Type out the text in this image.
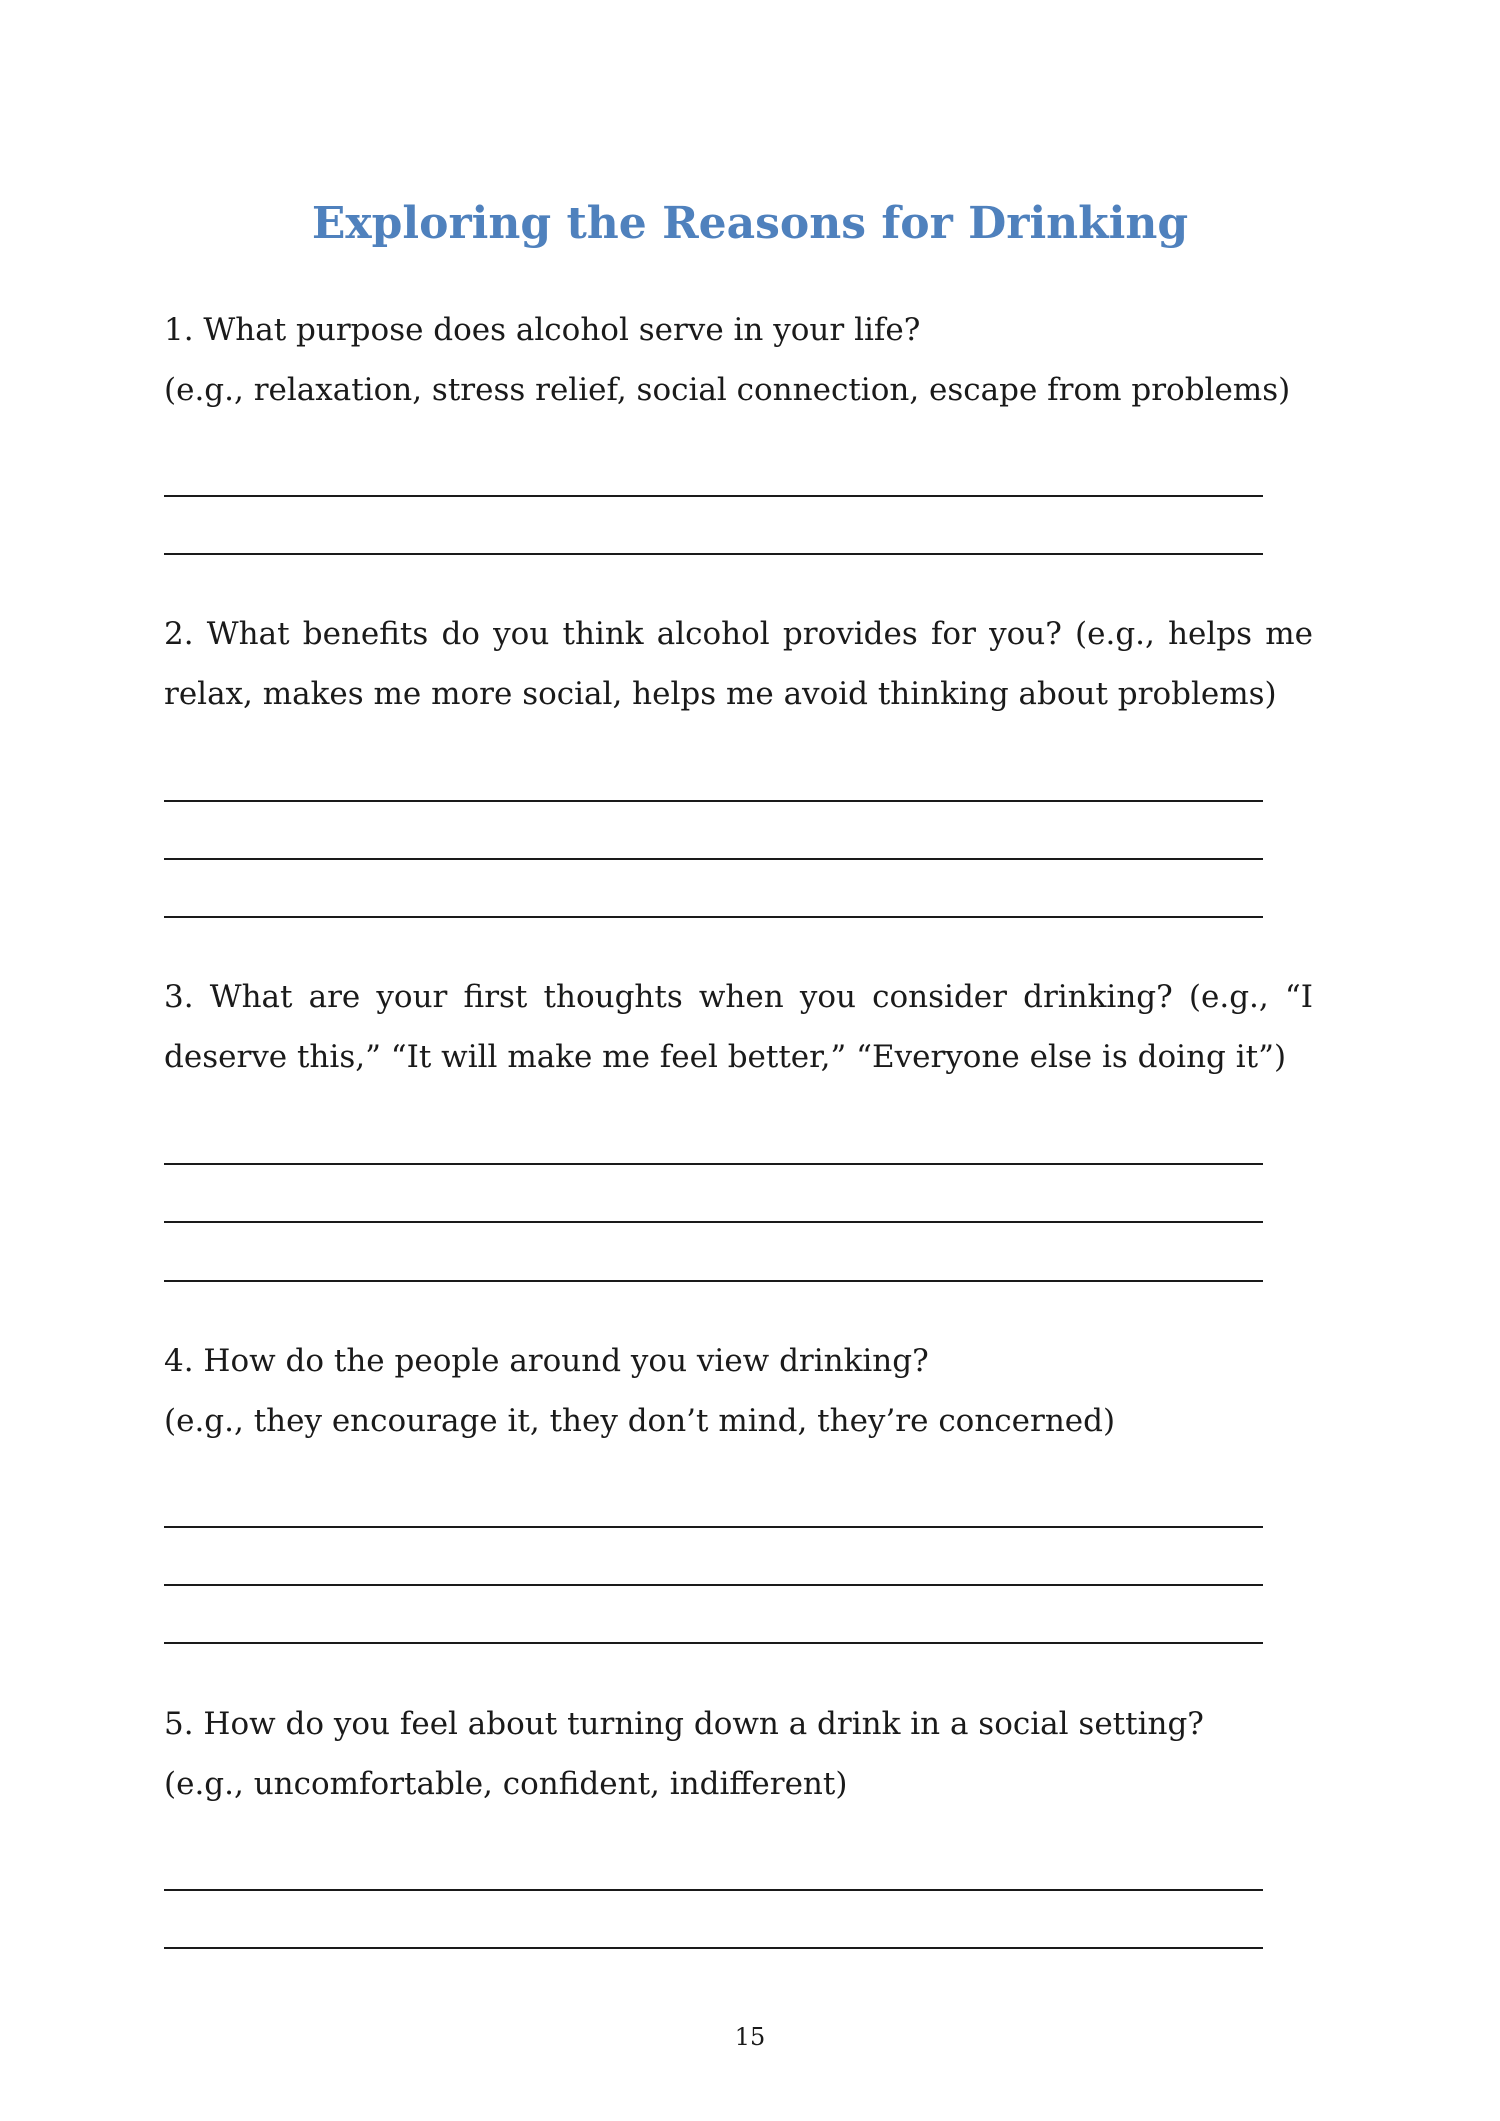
Exploring the Reasons for Drinking
1. What purpose does alcohol serve in your life?
(e.g., relaxation, stress relief, social connection, escape from problems)

2. What benefits do you think alcohol provides for you? (e.g., helps me relax, makes me more social, helps me avoid thinking about problems)

3. What are your first thoughts when you consider drinking? (e.g., “I deserve this,” “It will make me feel better,” “Everyone else is doing it”)

4. How do the people around you view drinking?
(e.g., they encourage it, they don’t mind, they’re concerned)
5. How do you feel about turning down a drink in a social setting?
(e.g., uncomfortable, confident, indifferent)
15
